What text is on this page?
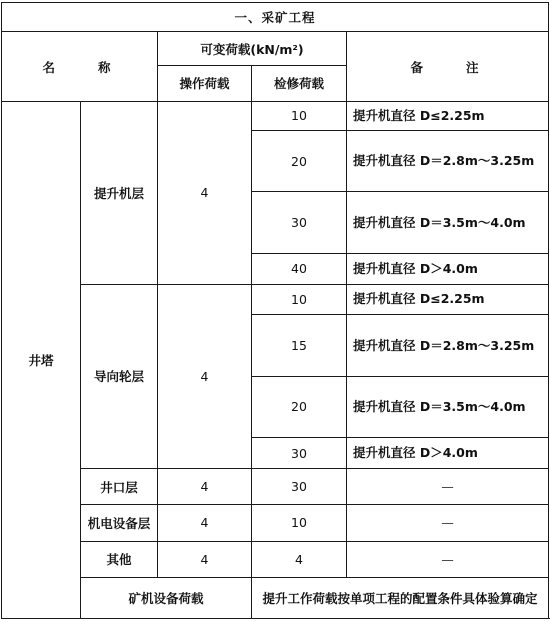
一、采矿工程				
名　　称		可变荷载(kN/m²)		备　　注
		操作荷载	检修荷载	
井塔	提升机层	4	10	提升机直径 D≤2.25m
			20	提升机直径 D＝2.8m～3.25m
			30	提升机直径 D＝3.5m～4.0m
			40	提升机直径 D＞4.0m
	导向轮层	4	10	提升机直径 D≤2.25m
			15	提升机直径 D＝2.8m～3.25m
			20	提升机直径 D＝3.5m～4.0m
			30	提升机直径 D＞4.0m
	井口层	4	30	—
	机电设备层	4	10	—
	其他	4	4	—
	矿机设备荷载		提升工作荷载按单项工程的配置条件具体验算确定	
